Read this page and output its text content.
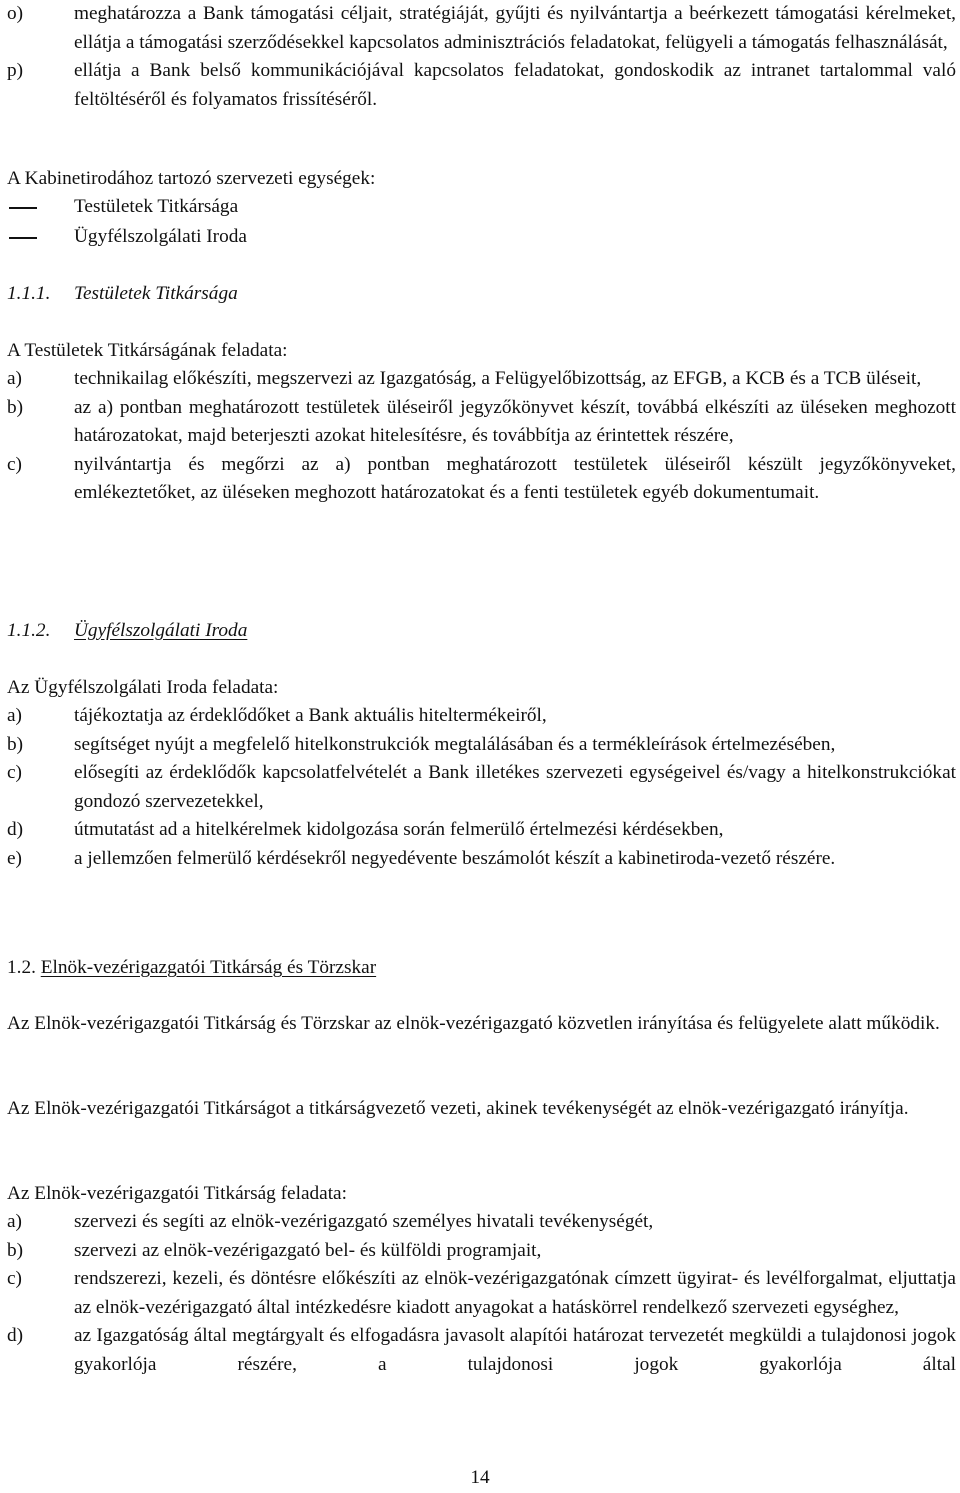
o)	meghatározza a Bank támogatási céljait, stratégiáját, gyűjti és nyilvántartja a beérkezett támogatási kérelmeket, ellátja a támogatási szerződésekkel kapcsolatos adminisztrációs feladatokat, felügyeli a támogatás felhasználását,
p)	ellátja a Bank belső kommunikációjával kapcsolatos feladatokat, gondoskodik az intranet tartalommal való feltöltéséről és folyamatos frissítéséről.
A Kabinetirodához tartozó szervezeti egységek:
Testületek Titkársága
Ügyfélszolgálati Iroda
1.1.1. Testületek Titkársága
A Testületek Titkárságának feladata:
a)	technikailag előkészíti, megszervezi az Igazgatóság, a Felügyelőbizottság, az EFGB, a KCB és a TCB üléseit,
b)	az a) pontban meghatározott testületek üléseiről jegyzőkönyvet készít, továbbá elkészíti az üléseken meghozott határozatokat, majd beterjeszti azokat hitelesítésre, és továbbítja az érintettek részére,
c)	nyilvántartja és megőrzi az a) pontban meghatározott testületek üléseiről készült jegyzőkönyveket, emlékeztetőket, az üléseken meghozott határozatokat és a fenti testületek egyéb dokumentumait.
1.1.2. Ügyfélszolgálati Iroda
Az Ügyfélszolgálati Iroda feladata:
a)	tájékoztatja az érdeklődőket a Bank aktuális hiteltermékeiről,
b)	segítséget nyújt a megfelelő hitelkonstrukciók megtalálásában és a termékleírások értelmezésében,
c)	elősegíti az érdeklődők kapcsolatfelvételét a Bank illetékes szervezeti egységeivel és/vagy a hitelkonstrukciókat gondozó szervezetekkel,
d)	útmutatást ad a hitelkérelmek kidolgozása során felmerülő értelmezési kérdésekben,
e)	a jellemzően felmerülő kérdésekről negyedévente beszámolót készít a kabinetiroda-vezető részére.
1.2. Elnök-vezérigazgatói Titkárság és Törzskar
Az Elnök-vezérigazgatói Titkárság és Törzskar az elnök-vezérigazgató közvetlen irányítása és felügyelete alatt működik.
Az Elnök-vezérigazgatói Titkárságot a titkárságvezető vezeti, akinek tevékenységét az elnök-vezérigazgató irányítja.
Az Elnök-vezérigazgatói Titkárság feladata:
a)	szervezi és segíti az elnök-vezérigazgató személyes hivatali tevékenységét,
b)	szervezi az elnök-vezérigazgató bel- és külföldi programjait,
c)	rendszerezi, kezeli, és döntésre előkészíti az elnök-vezérigazgatónak címzett ügyirat- és levélforgalmat, eljuttatja az elnök-vezérigazgató által intézkedésre kiadott anyagokat a hatáskörrel rendelkező szervezeti egységhez,
d)	az Igazgatóság által megtárgyalt és elfogadásra javasolt alapítói határozat tervezetét megküldi a tulajdonosi jogok gyakorlója részére, a tulajdonosi jogok gyakorlója által
14
